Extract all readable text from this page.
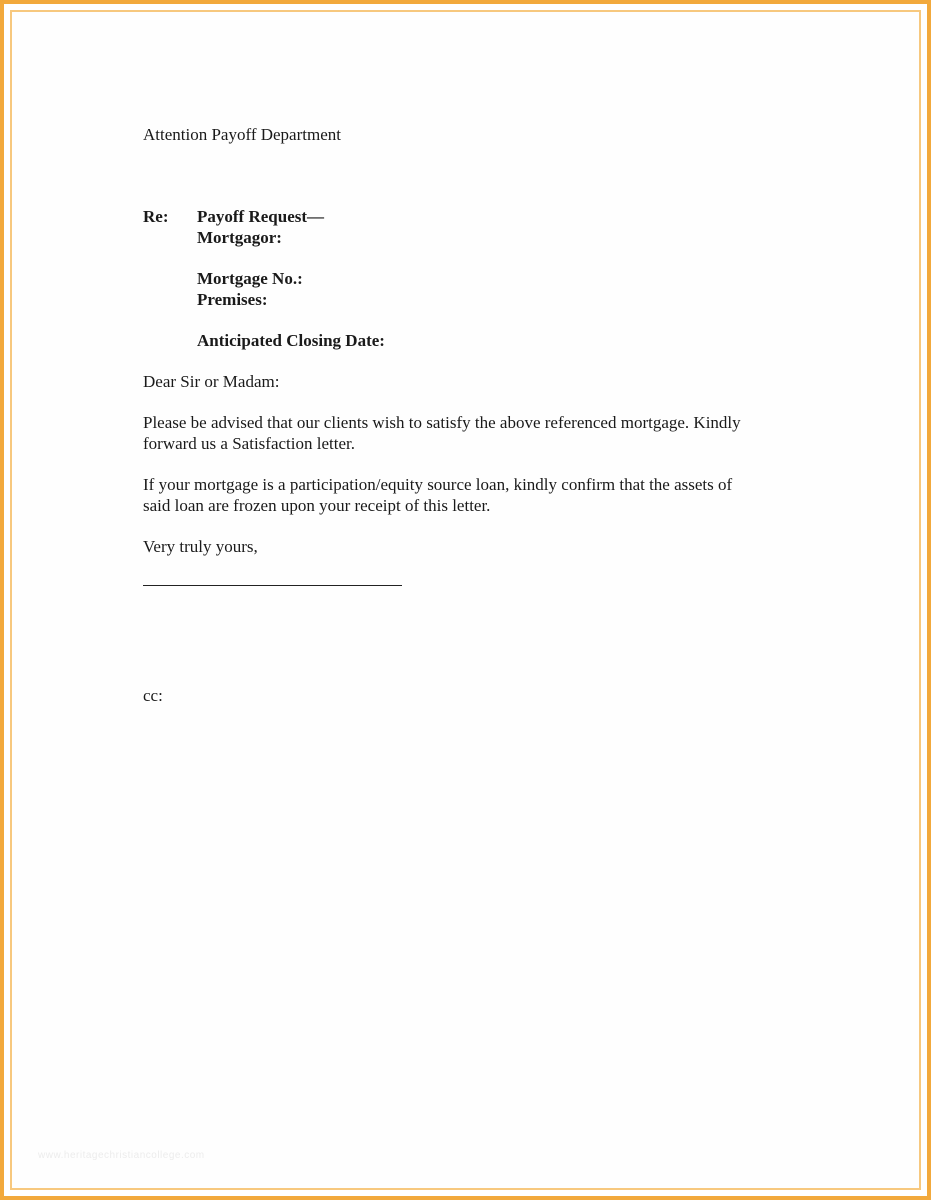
Attention Payoff Department

Re:	Payoff Request—

Mortgagor:

Mortgage No.:

Premises:

Anticipated Closing Date:

Dear Sir or Madam:

Please be advised that our clients wish to satisfy the above referenced mortgage. Kindly
forward us a Satisfaction letter.
If your mortgage is a participation/equity source loan, kindly confirm that the assets of
said loan are frozen upon your receipt of this letter.

Very truly yours,

cc:
www.heritagechristiancollege.com
